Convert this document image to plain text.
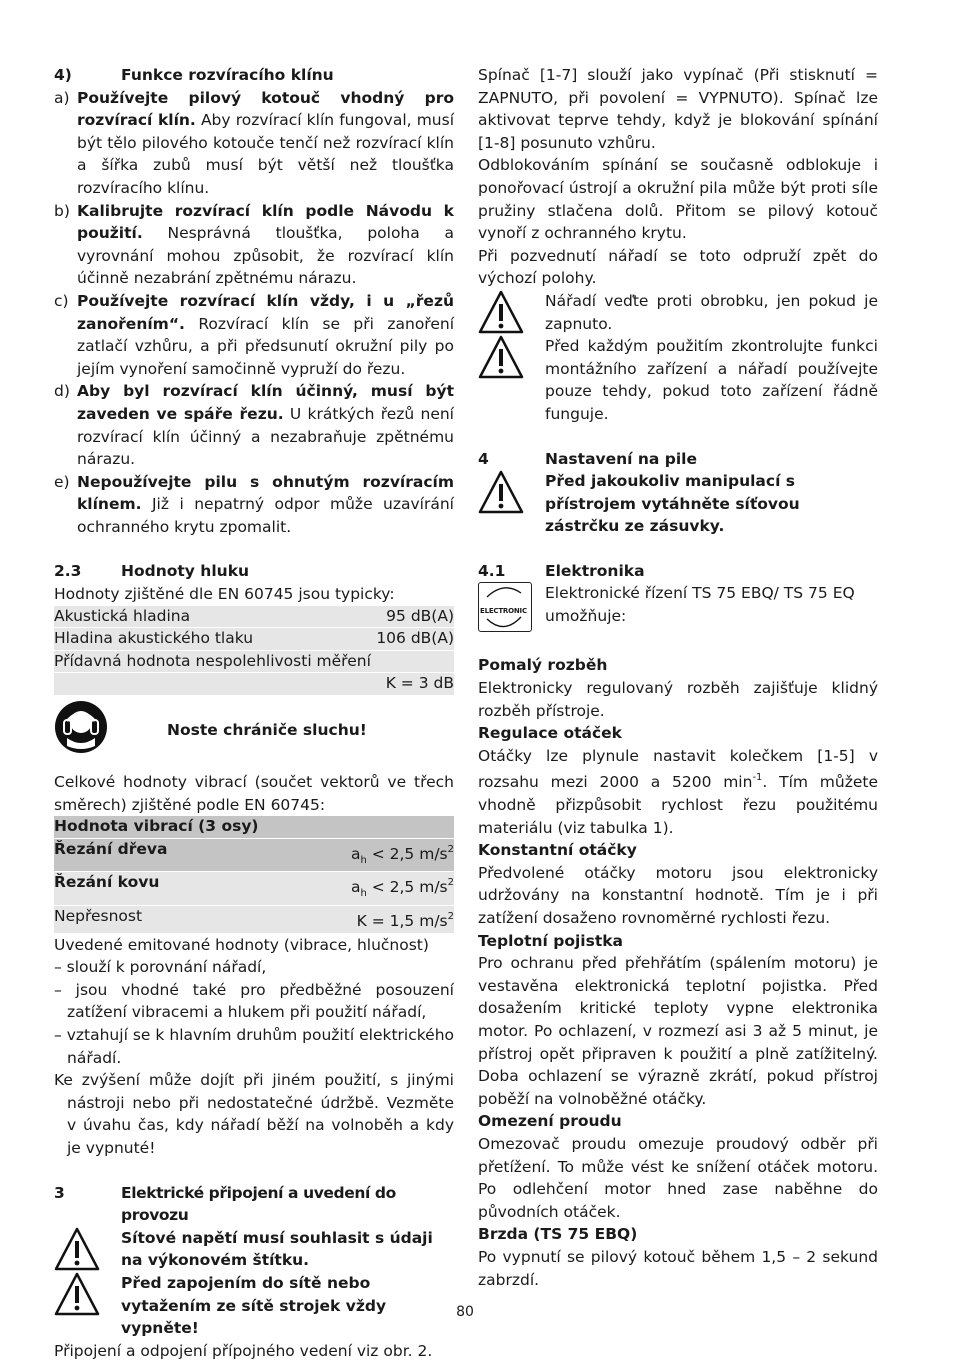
4)	Funkce rozvíracího klínu
a) Používejte pilový kotouč vhodný pro rozvírací klín. Aby rozvírací klín fungoval, musí být tělo pilového kotouče tenčí než rozvírací klín a šířka zubů musí být větší než tloušťka rozvíracího klínu.
b) Kalibrujte rozvírací klín podle Návodu k použití. Nesprávná tloušťka, poloha a vyrovnání mohou způsobit, že rozvírací klín účinně nezabrání zpětnému nárazu.
c) Používejte rozvírací klín vždy, i u „řezů zanořením“. Rozvírací klín se při zanoření zatlačí vzhůru, a při předsunutí okružní pily po jejím vynoření samočinně vypruží do řezu.
d) Aby byl rozvírací klín účinný, musí být zaveden ve spáře řezu. U krátkých řezů není rozvírací klín účinný a nezabraňuje zpětnému nárazu.
e) Nepoužívejte pilu s ohnutým rozvíracím klínem. Již i nepatrný odpor může uzavírání ochranného krytu zpomalit.
2.3	Hodnoty hluku

Hodnoty zjištěné dle EN 60745 jsou typicky:

Akustická hladina	95 dB(A)
Hladina akustického tlaku	106 dB(A)
Přídavná hodnota nespolehlivosti měření
K = 3 dB
Noste chrániče sluchu!

Celkové hodnoty vibrací (součet vektorů ve třech směrech) zjištěné podle EN 60745:

Hodnota vibrací (3 osy)
Řezání dřeva	$a_h < 2,5$ $m/s^2$
Řezání kovu	$a_h < 2,5$ $m/s^2$
Nepřesnost	K = 1,5 $m/s^2$

Uvedené emitované hodnoty (vibrace, hlučnost)

– slouží k porovnání nářadí,

– jsou vhodné také pro předběžné posouzení zatížení vibracemi a hlukem při použití nářadí,

– vztahují se k hlavním druhům použití elektrického nářadí.

Ke zvýšení může dojít při jiném použití, s jinými nástroji nebo při nedostatečné údržbě. Vezměte v úvahu čas, kdy nářadí běží na volnoběh a kdy je vypnuté!

3	Elektrické připojení a uvedení do provozu
Sítové napětí musí souhlasit s údaji na výkonovém štítku.
Před zapojením do sítě nebo vytažením ze sítě strojek vždy vypněte!

Připojení a odpojení přípojného vedení viz obr. 2.

Spínač [1-7] slouží jako vypínač (Při stisknutí = ZAPNUTO, při povolení = VYPNUTO). Spínač lze aktivovat teprve tehdy, když je blokování spínání [1-8] posunuto vzhůru.

Odblokováním spínání se současně odblokuje i ponořovací ústrojí a okružní pila může být proti síle pružiny stlačena dolů. Přitom se pilový kotouč vynoří z ochranného krytu.

Při pozvednutí nářadí se toto odpruží zpět do výchozí polohy.

Nářadí veďte proti obrobku, jen pokud je zapnuto.
Před každým použitím zkontrolujte funkci montážního zařízení a nářadí používejte pouze tehdy, pokud toto zařízení řádně funguje.
4	Nastavení na pile
Před jakoukoliv manipulací s přístrojem vytáhněte síťovou zástrčku ze zásuvky.
4.1	Elektronika
ELECTRONIC
Elektronické řízení TS 75 EBQ/ TS 75 EQ umožňuje:

Pomalý rozběh

Elektronicky regulovaný rozběh zajišťuje klidný rozběh přístroje.

Regulace otáček

Otáčky lze plynule nastavit kolečkem [1-5] v rozsahu mezi 2000 a 5200 $\min^{-1}$. Tím můžete vhodně přizpůsobit rychlost řezu použitému materiálu (viz tabulka 1).

Konstantní otáčky

Předvolené otáčky motoru jsou elektronicky udržovány na konstantní hodnotě. Tím je i při zatížení dosaženo rovnoměrné rychlosti řezu.

Teplotní pojistka

Pro ochranu před přehřátím (spálením motoru) je vestavěna elektronická teplotní pojistka. Před dosažením kritické teploty vypne elektronika motor. Po ochlazení, v rozmezí asi 3 až 5 minut, je přístroj opět připraven k použití a plně zatížitelný. Doba ochlazení se výrazně zkrátí, pokud přístroj poběží na volnoběžné otáčky.

Omezení proudu

Omezovač proudu omezuje proudový odběr při přetížení. To může vést ke snížení otáček motoru. Po odlehčení motor hned zase naběhne do původních otáček.

Brzda (TS 75 EBQ)

Po vypnutí se pilový kotouč během 1,5 – 2 sekund zabrzdí.

80
